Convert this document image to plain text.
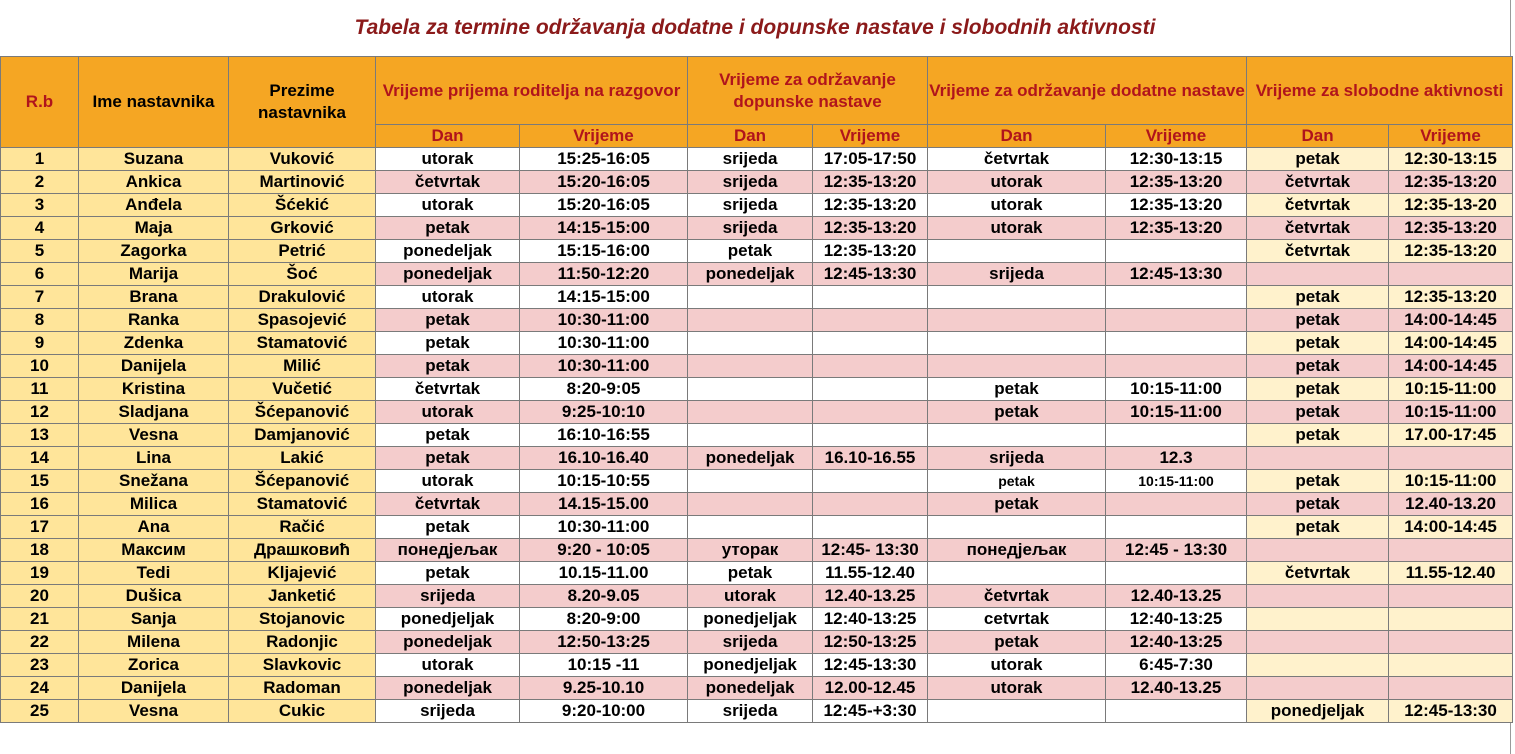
Tabela za termine održavanja dodatne i dopunske nastave i slobodnih aktivnosti
R.b	Ime nastavnika	Prezime nastavnika	Vrijeme prijema roditelja na razgovor		Vrijeme za održavanje dopunske nastave		Vrijeme za održavanje dodatne nastave		Vrijeme za slobodne aktivnosti	
			Dan	Vrijeme	Dan	Vrijeme	Dan	Vrijeme	Dan	Vrijeme
1	Suzana	Vuković	utorak	15:25-16:05	srijeda	17:05-17:50	četvrtak	12:30-13:15	petak	12:30-13:15
2	Ankica	Martinović	četvrtak	15:20-16:05	srijeda	12:35-13:20	utorak	12:35-13:20	četvrtak	12:35-13:20
3	Anđela	Šćekić	utorak	15:20-16:05	srijeda	12:35-13:20	utorak	12:35-13:20	četvrtak	12:35-13-20
4	Maja	Grković	petak	14:15-15:00	srijeda	12:35-13:20	utorak	12:35-13:20	četvrtak	12:35-13:20
5	Zagorka	Petrić	ponedeljak	15:15-16:00	petak	12:35-13:20			četvrtak	12:35-13:20
6	Marija	Šoć	ponedeljak	11:50-12:20	ponedeljak	12:45-13:30	srijeda	12:45-13:30		
7	Brana	Drakulović	utorak	14:15-15:00					petak	12:35-13:20
8	Ranka	Spasojević	petak	10:30-11:00					petak	14:00-14:45
9	Zdenka	Stamatović	petak	10:30-11:00					petak	14:00-14:45
10	Danijela	Milić	petak	10:30-11:00					petak	14:00-14:45
11	Kristina	Vučetić	četvrtak	8:20-9:05			petak	10:15-11:00	petak	10:15-11:00
12	Sladjana	Šćepanović	utorak	9:25-10:10			petak	10:15-11:00	petak	10:15-11:00
13	Vesna	Damjanović	petak	16:10-16:55					petak	17.00-17:45
14	Lina	Lakić	petak	16.10-16.40	ponedeljak	16.10-16.55	srijeda	12.3		
15	Snežana	Šćepanović	utorak	10:15-10:55			petak	10:15-11:00	petak	10:15-11:00
16	Milica	Stamatović	četvrtak	14.15-15.00			petak		petak	12.40-13.20
17	Ana	Račić	petak	10:30-11:00					petak	14:00-14:45
18	Максим	Драшковић	понедјељак	9:20 - 10:05	уторак	12:45- 13:30	понедјељак	12:45 - 13:30		
19	Tedi	Kljajević	petak	10.15-11.00	petak	11.55-12.40			četvrtak	11.55-12.40
20	Dušica	Janketić	srijeda	8.20-9.05	utorak	12.40-13.25	četvrtak	12.40-13.25		
21	Sanja	Stojanovic	ponedjeljak	8:20-9:00	ponedjeljak	12:40-13:25	cetvrtak	12:40-13:25		
22	Milena	Radonjic	ponedeljak	12:50-13:25	srijeda	12:50-13:25	petak	12:40-13:25		
23	Zorica	Slavkovic	utorak	10:15 -11	ponedjeljak	12:45-13:30	utorak	6:45-7:30		
24	Danijela	Radoman	ponedeljak	9.25-10.10	ponedeljak	12.00-12.45	utorak	12.40-13.25		
25	Vesna	Cukic	srijeda	9:20-10:00	srijeda	12:45-+3:30			ponedjeljak	12:45-13:30
